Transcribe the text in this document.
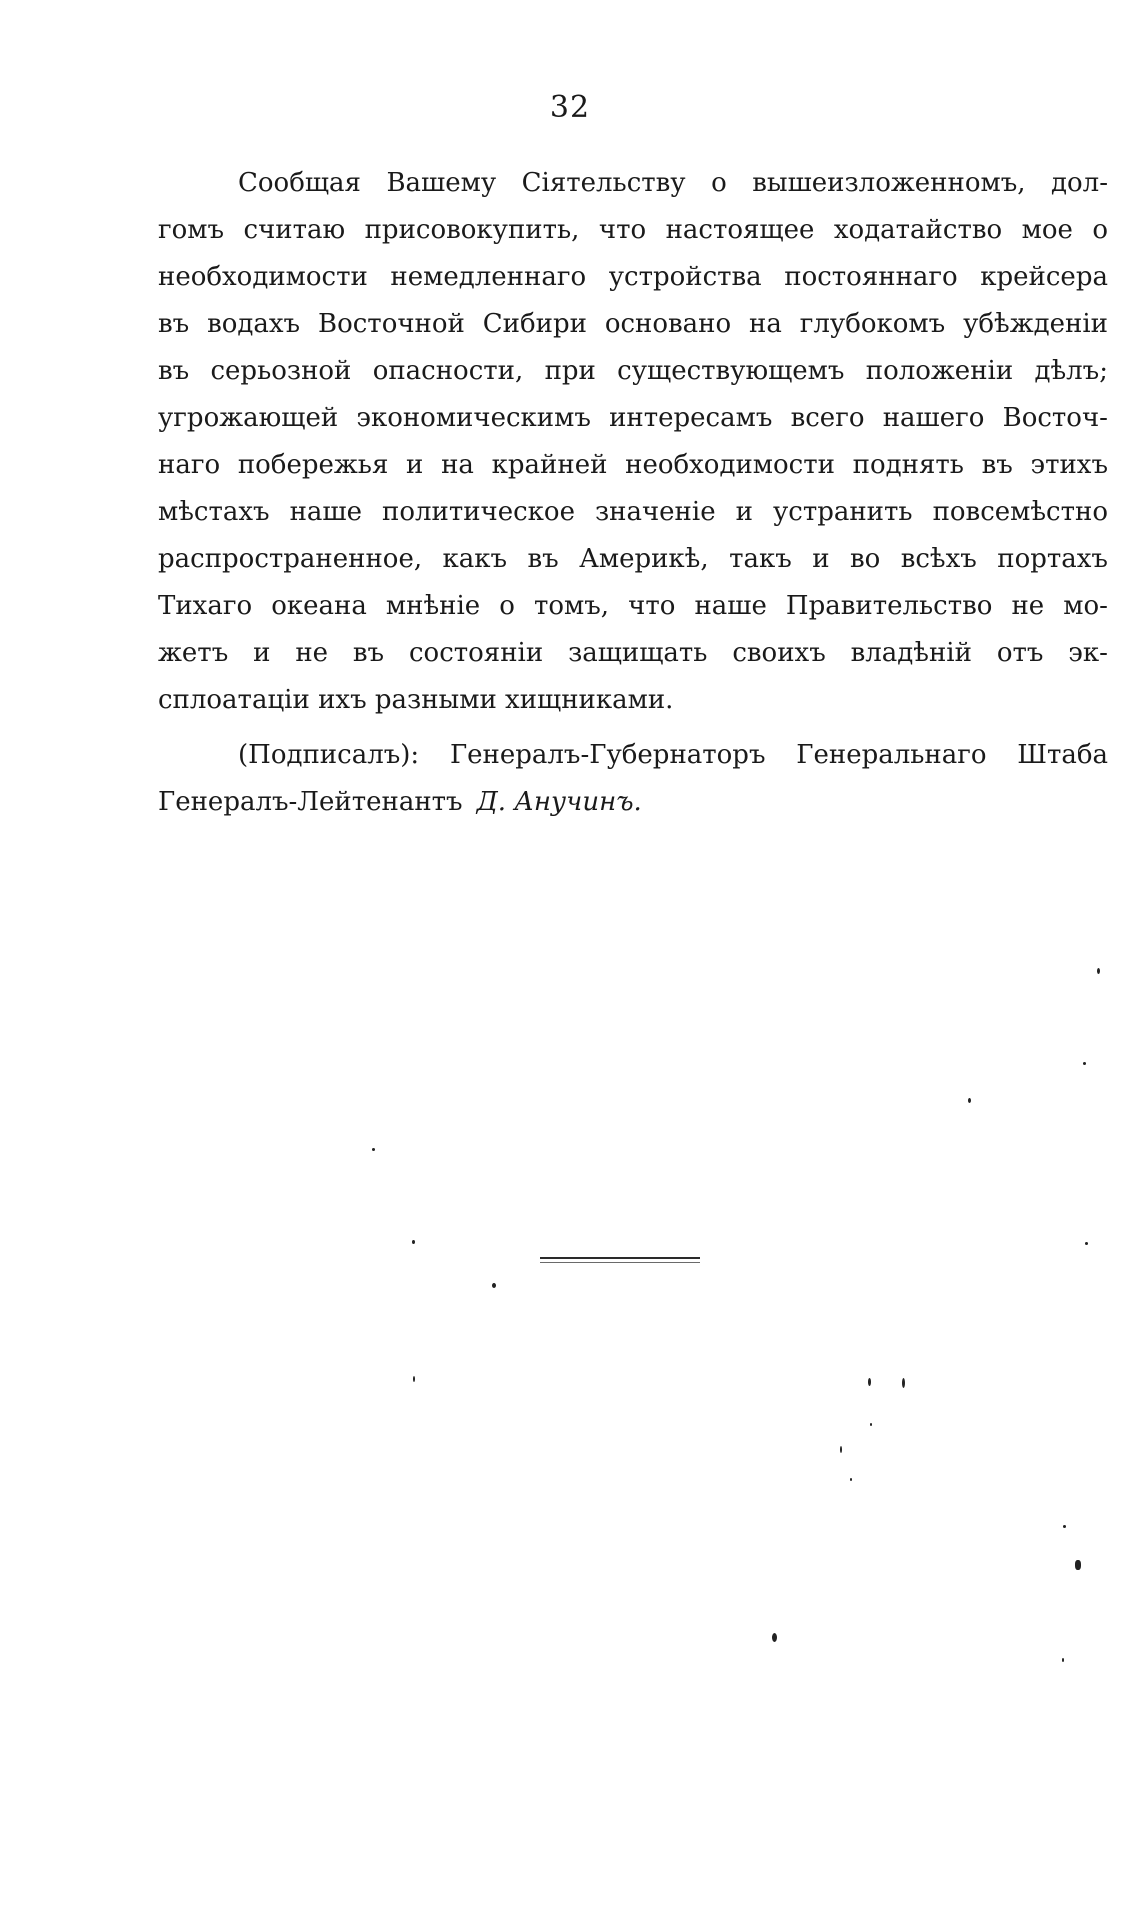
32
Сообщая Вашему Сіятельству о вышеизложенномъ, дол-
гомъ считаю присовокупить, что настоящее ходатайство мое о
необходимости немедленнаго устройства постояннаго крейсера
въ водахъ Восточной Сибири основано на глубокомъ убѣжденіи
въ серьозной опасности, при существующемъ положеніи дѣлъ;
угрожающей экономическимъ интересамъ всего нашего Восточ-
наго побережья и на крайней необходимости поднять въ этихъ
мѣстахъ наше политическое значеніе и устранить повсемѣстно
распространенное, какъ въ Америкѣ, такъ и во всѣхъ портахъ
Тихаго океана мнѣніе о томъ, что наше Правительство не мо-
жетъ и не въ состояніи защищать своихъ владѣній отъ эк-
сплоатаціи ихъ разными хищниками.
(Подписалъ): Генералъ-Губернаторъ Генеральнаго Штаба
Генералъ-Лейтенантъ Д. Анучинъ.
